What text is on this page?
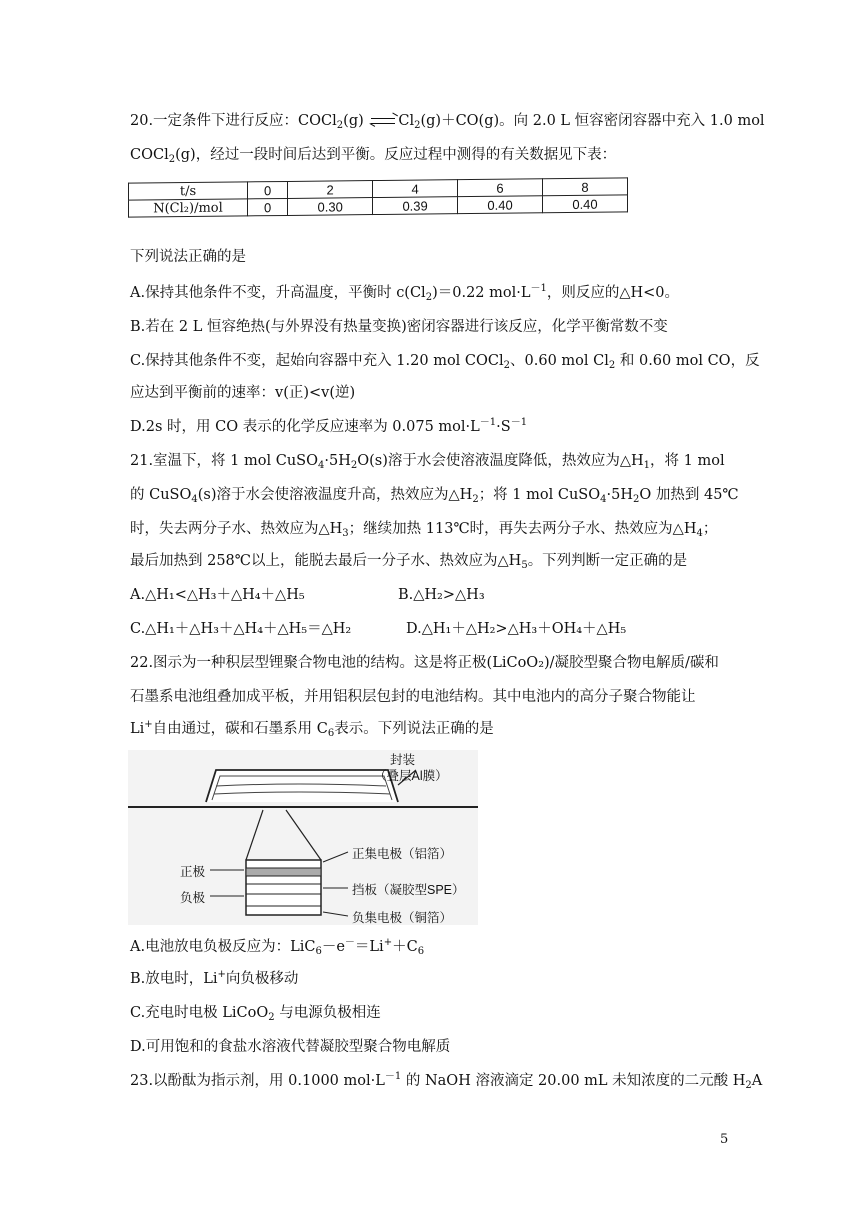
20.一定条件下进行反应：COCl$_2$(g) $Cl_2(g)+CO(g)$。向 2.0 L 恒容密闭容器中充入 1.0 mol
COCl$_2$(g)，经过一段时间后达到平衡。反应过程中测得的有关数据见下表：
t/s	0	2	4	6	8
N(Cl₂)/mol	0	0.30	0.39	0.40	0.40
下列说法正确的是
A.保持其他条件不变，升高温度，平衡时 $c(Cl_2)=0.22$ $mol\cdot L^{-1}$，则反应的△H<0。
B.若在 2 L 恒容绝热(与外界没有热量变换)密闭容器进行该反应，化学平衡常数不变
C.保持其他条件不变，起始向容器中充入 1.20 mol COCl$_2$、0.60 mol $Cl_2$ 和 0.60 mol CO，反
应达到平衡前的速率：v(正)<v(逆)
D.2s 时，用 CO 表示的化学反应速率为 0.075 $mol\cdot L^{-1}\cdot S^{-1}$
21.室温下，将 1 mol $CuSO_4\cdot 5H_2O(s)$溶于水会使溶液温度降低，热效应为$\triangle H_1$，将 1 mol
的 CuSO$_4$(s)溶于水会使溶液温度升高，热效应为$\triangle H_2$；将 1 mol $CuSO_4\cdot 5H_2O$ 加热到 45℃
时，失去两分子水、热效应为$\triangle H_3$；继续加热 113℃时，再失去两分子水、热效应为$\triangle H_4$；
最后加热到 258℃以上，能脱去最后一分子水、热效应为$\triangle H_5$。下列判断一定正确的是
A.△H₁<△H₃＋△H₄＋△H₅	B.△H₂>△H₃
C.△H₁＋△H₃＋△H₄＋△H₅＝△H₂	D.△H₁＋△H₂>△H₃＋OH₄＋△H₅
22.图示为一种积层型锂聚合物电池的结构。这是将正极(LiCoO₂)/凝胶型聚合物电解质/碳和
石墨系电池组叠加成平板，并用铝积层包封的电池结构。其中电池内的高分子聚合物能让
Li+自由通过，碳和石墨系用 $C_6$表示。下列说法正确的是
封装
（叠层Al膜）
正集电极（铝箔）
正极
挡板（凝胶型SPE）
负极
负集电极（铜箔）
A.电池放电负极反应为：$LiC_6-e^-=Li^++C_6$
B.放电时，Li+向负极移动
C.充电时电极 LiCoO$_2$ 与电源负极相连
D.可用饱和的食盐水溶液代替凝胶型聚合物电解质
23.以酚酞为指示剂，用 0.1000 $mol\cdot L^{-1}$ 的 NaOH 溶液滴定 20.00 mL 未知浓度的二元酸 $H_2A$
5
